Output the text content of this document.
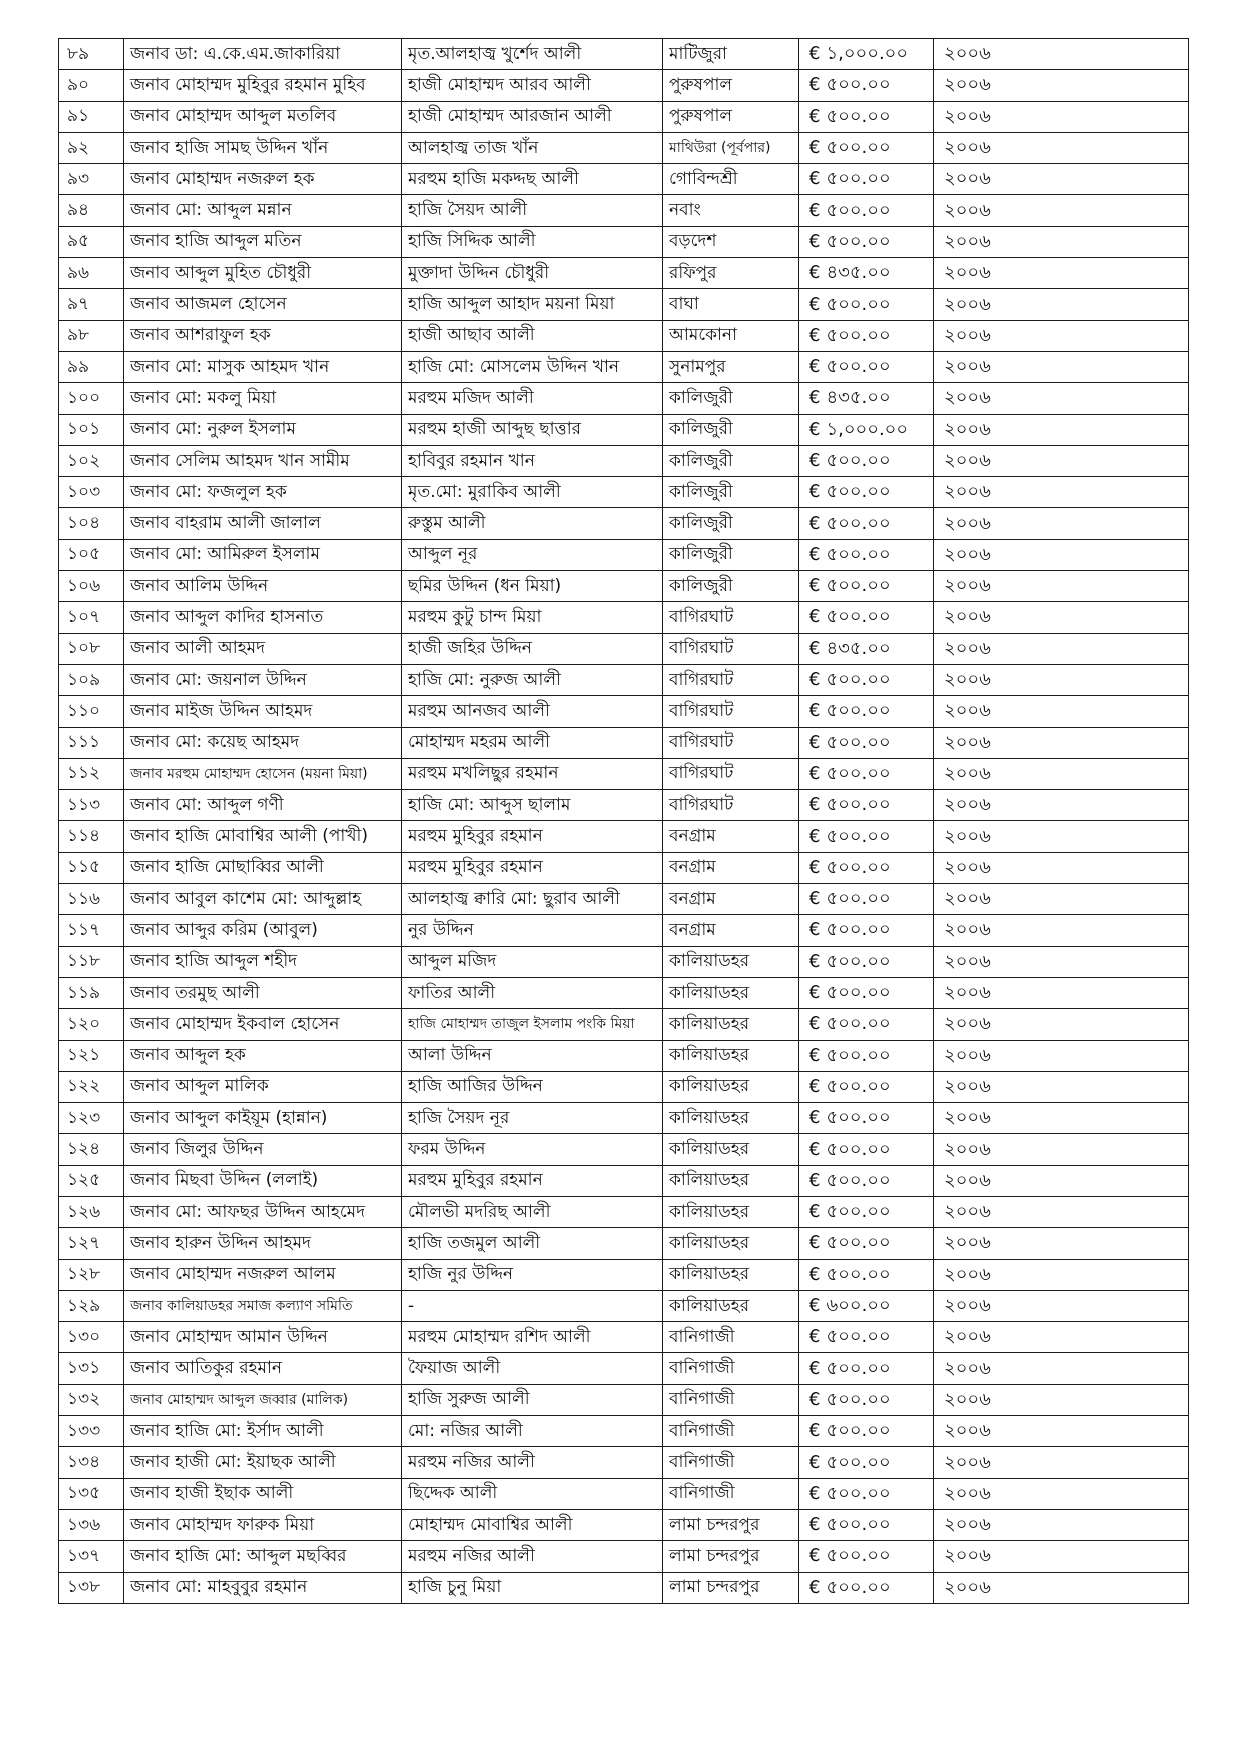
৮৯	জনাব ডা: এ.কে.এম.জাকারিয়া	মৃত.আলহাজ্ব খুর্শেদ আলী	মাটিজুরা	€ ১,০০০.০০	২০০৬
৯০	জনাব মোহাম্মদ মুহিবুর রহমান মুহিব	হাজী মোহাম্মদ আরব আলী	পুরুষপাল	€ ৫০০.০০	২০০৬
৯১	জনাব মোহাম্মদ আব্দুল মতলিব	হাজী মোহাম্মদ আরজান আলী	পুরুষপাল	€ ৫০০.০০	২০০৬
৯২	জনাব হাজি সামছ উদ্দিন খাঁন	আলহাজ্ব তাজ খাঁন	মাথিউরা (পূর্বপার)	€ ৫০০.০০	২০০৬
৯৩	জনাব মোহাম্মদ নজরুল হক	মরহুম হাজি মকদ্দছ আলী	গোবিন্দশ্রী	€ ৫০০.০০	২০০৬
৯৪	জনাব মো: আব্দুল মন্নান	হাজি সৈয়দ আলী	নবাং	€ ৫০০.০০	২০০৬
৯৫	জনাব হাজি আব্দুল মতিন	হাজি সিদ্দিক আলী	বড়দেশ	€ ৫০০.০০	২০০৬
৯৬	জনাব আব্দুল মুহিত চৌধুরী	মুক্তাদা উদ্দিন চৌধুরী	রফিপুর	€ ৪৩৫.০০	২০০৬
৯৭	জনাব আজমল হোসেন	হাজি আব্দুল আহাদ ময়না মিয়া	বাঘা	€ ৫০০.০০	২০০৬
৯৮	জনাব আশরাফুল হক	হাজী আছাব আলী	আমকোনা	€ ৫০০.০০	২০০৬
৯৯	জনাব মো: মাসুক আহমদ খান	হাজি মো: মোসলেম উদ্দিন খান	সুনামপুর	€ ৫০০.০০	২০০৬
১০০	জনাব মো: মকলু মিয়া	মরহুম মজিদ আলী	কালিজুরী	€ ৪৩৫.০০	২০০৬
১০১	জনাব মো: নুরুল ইসলাম	মরহুম হাজী আব্দুছ ছাত্তার	কালিজুরী	€ ১,০০০.০০	২০০৬
১০২	জনাব সেলিম আহমদ খান সামীম	হাবিবুর রহমান খান	কালিজুরী	€ ৫০০.০০	২০০৬
১০৩	জনাব মো: ফজলুল হক	মৃত.মো: মুরাকিব আলী	কালিজুরী	€ ৫০০.০০	২০০৬
১০৪	জনাব বাহরাম আলী জালাল	রুস্তুম আলী	কালিজুরী	€ ৫০০.০০	২০০৬
১০৫	জনাব মো: আমিরুল ইসলাম	আব্দুল নূর	কালিজুরী	€ ৫০০.০০	২০০৬
১০৬	জনাব আলিম উদ্দিন	ছমির উদ্দিন (ধন মিয়া)	কালিজুরী	€ ৫০০.০০	২০০৬
১০৭	জনাব আব্দুল কাদির হাসনাত	মরহুম কুটু চান্দ মিয়া	বাগিরঘাট	€ ৫০০.০০	২০০৬
১০৮	জনাব আলী আহমদ	হাজী জহির উদ্দিন	বাগিরঘাট	€ ৪৩৫.০০	২০০৬
১০৯	জনাব মো: জয়নাল উদ্দিন	হাজি মো: নুরুজ আলী	বাগিরঘাট	€ ৫০০.০০	২০০৬
১১০	জনাব মাইজ উদ্দিন আহমদ	মরহুম আনজব আলী	বাগিরঘাট	€ ৫০০.০০	২০০৬
১১১	জনাব মো: কয়েছ আহমদ	মোহাম্মদ মহরম আলী	বাগিরঘাট	€ ৫০০.০০	২০০৬
১১২	জনাব মরহুম মোহাম্মদ হোসেন (ময়না মিয়া)	মরহুম মখলিছুর রহমান	বাগিরঘাট	€ ৫০০.০০	২০০৬
১১৩	জনাব মো: আব্দুল গণী	হাজি মো: আব্দুস ছালাম	বাগিরঘাট	€ ৫০০.০০	২০০৬
১১৪	জনাব হাজি মোবাশ্বির আলী (পাখী)	মরহুম মুহিবুর রহমান	বনগ্রাম	€ ৫০০.০০	২০০৬
১১৫	জনাব হাজি মোছাব্বির আলী	মরহুম মুহিবুর রহমান	বনগ্রাম	€ ৫০০.০০	২০০৬
১১৬	জনাব আবুল কাশেম মো: আব্দুল্লাহ	আলহাজ্ব ক্বারি মো: ছুরাব আলী	বনগ্রাম	€ ৫০০.০০	২০০৬
১১৭	জনাব আব্দুর করিম (আবুল)	নুর উদ্দিন	বনগ্রাম	€ ৫০০.০০	২০০৬
১১৮	জনাব হাজি আব্দুল শহীদ	আব্দুল মজিদ	কালিয়াডহর	€ ৫০০.০০	২০০৬
১১৯	জনাব তরমুছ আলী	ফাতির আলী	কালিয়াডহর	€ ৫০০.০০	২০০৬
১২০	জনাব মোহাম্মদ ইকবাল হোসেন	হাজি মোহাম্মদ তাজুল ইসলাম পংকি মিয়া	কালিয়াডহর	€ ৫০০.০০	২০০৬
১২১	জনাব আব্দুল হক	আলা উদ্দিন	কালিয়াডহর	€ ৫০০.০০	২০০৬
১২২	জনাব আব্দুল মালিক	হাজি আজির উদ্দিন	কালিয়াডহর	€ ৫০০.০০	২০০৬
১২৩	জনাব আব্দুল কাইয়ূম (হান্নান)	হাজি সৈয়দ নূর	কালিয়াডহর	€ ৫০০.০০	২০০৬
১২৪	জনাব জিলুর উদ্দিন	ফরম উদ্দিন	কালিয়াডহর	€ ৫০০.০০	২০০৬
১২৫	জনাব মিছবা উদ্দিন (ললাই)	মরহুম মুহিবুর রহমান	কালিয়াডহর	€ ৫০০.০০	২০০৬
১২৬	জনাব মো: আফছর উদ্দিন আহমেদ	মৌলভী মদরিছ আলী	কালিয়াডহর	€ ৫০০.০০	২০০৬
১২৭	জনাব হারুন উদ্দিন আহমদ	হাজি তজমুল আলী	কালিয়াডহর	€ ৫০০.০০	২০০৬
১২৮	জনাব মোহাম্মদ নজরুল আলম	হাজি নুর উদ্দিন	কালিয়াডহর	€ ৫০০.০০	২০০৬
১২৯	জনাব কালিয়াডহর সমাজ কল্যাণ সমিতি	-	কালিয়াডহর	€ ৬০০.০০	২০০৬
১৩০	জনাব মোহাম্মদ আমান উদ্দিন	মরহুম মোহাম্মদ রশিদ আলী	বানিগাজী	€ ৫০০.০০	২০০৬
১৩১	জনাব আতিকুর রহমান	ফৈয়াজ আলী	বানিগাজী	€ ৫০০.০০	২০০৬
১৩২	জনাব মোহাম্মদ আব্দুল জব্বার (মালিক)	হাজি সুরুজ আলী	বানিগাজী	€ ৫০০.০০	২০০৬
১৩৩	জনাব হাজি মো: ইর্সাদ আলী	মো: নজির আলী	বানিগাজী	€ ৫০০.০০	২০০৬
১৩৪	জনাব হাজী মো: ইয়াছক আলী	মরহুম নজির আলী	বানিগাজী	€ ৫০০.০০	২০০৬
১৩৫	জনাব হাজী ইছাক আলী	ছিদ্দেক আলী	বানিগাজী	€ ৫০০.০০	২০০৬
১৩৬	জনাব মোহাম্মদ ফারুক মিয়া	মোহাম্মদ মোবাশ্বির আলী	লামা চন্দরপুর	€ ৫০০.০০	২০০৬
১৩৭	জনাব হাজি মো: আব্দুল মছব্বির	মরহুম নজির আলী	লামা চন্দরপুর	€ ৫০০.০০	২০০৬
১৩৮	জনাব মো: মাহবুবুর রহমান	হাজি চুনু মিয়া	লামা চন্দরপুর	€ ৫০০.০০	২০০৬
